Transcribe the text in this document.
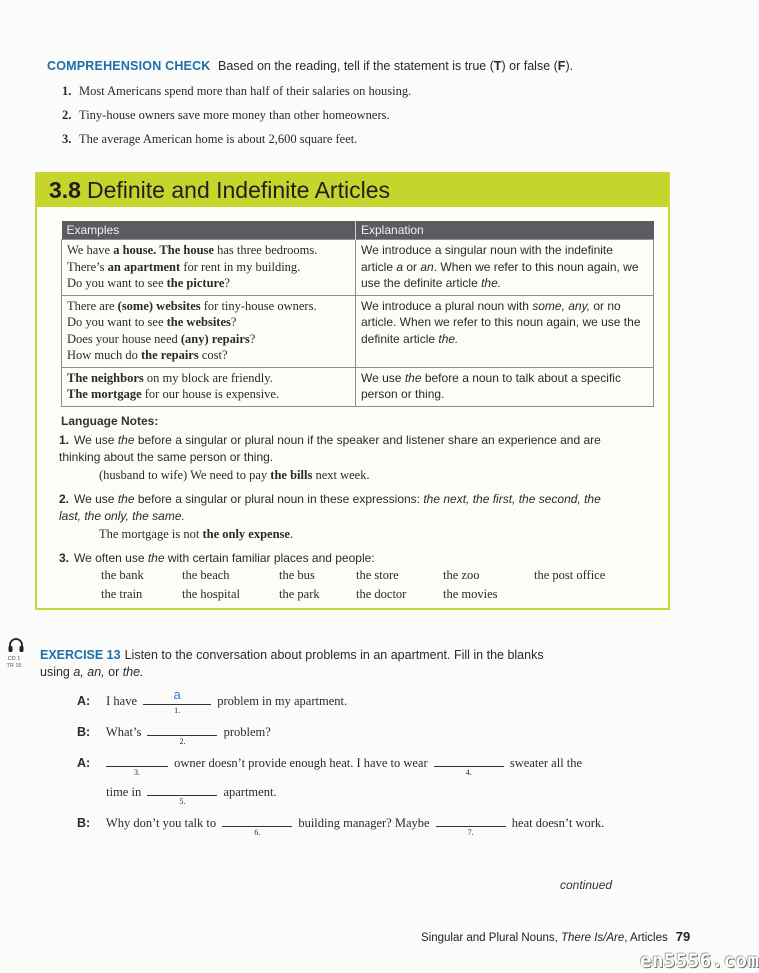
COMPREHENSION CHECK Based on the reading, tell if the statement is true (T) or false (F).
1. Most Americans spend more than half of their salaries on housing.
2. Tiny-house owners save more money than other homeowners.
3. The average American home is about 2,600 square feet.
3.8 Definite and Indefinite Articles
Examples	Explanation

We have a house. The house has three bedrooms.
There’s an apartment for rent in my building.
Do you want to see the picture?	We introduce a singular noun with the indefinite article a or an. When we refer to this noun again, we use the definite article the.

There are (some) websites for tiny-house owners.
Do you want to see the websites?
Does your house need (any) repairs?
How much do the repairs cost?	We introduce a plural noun with some, any, or no article. When we refer to this noun again, we use the definite article the.

The neighbors on my block are friendly.
The mortgage for our house is expensive.	We use the before a noun to talk about a specific person or thing.
Language Notes:
1. We use the before a singular or plural noun if the speaker and listener share an experience and are thinking about the same person or thing.
(husband to wife) We need to pay the bills next week.
2. We use the before a singular or plural noun in these expressions: the next, the first, the second, the last, the only, the same.
The mortgage is not the only expense.
3. We often use the with certain familiar places and people:
the bank	the beach	the bus	the store	the zoo	the post office
the train	the hospital	the park	the doctor	the movies
CD 1
TR 15
EXERCISE 13 Listen to the conversation about problems in an apartment. Fill in the blanks using a, an, or the.
A: I have	a
1.
problem in my apartment.
B: What’s
2.
problem?
A:
3.
owner doesn’t provide enough heat. I have to wear
4.
sweater all the
time in
5.
apartment.
B: Why don’t you talk to
6.
building manager? Maybe
7.
heat doesn’t work.
continued
Singular and Plural Nouns, There Is/Are, Articles 79
en5556.com
